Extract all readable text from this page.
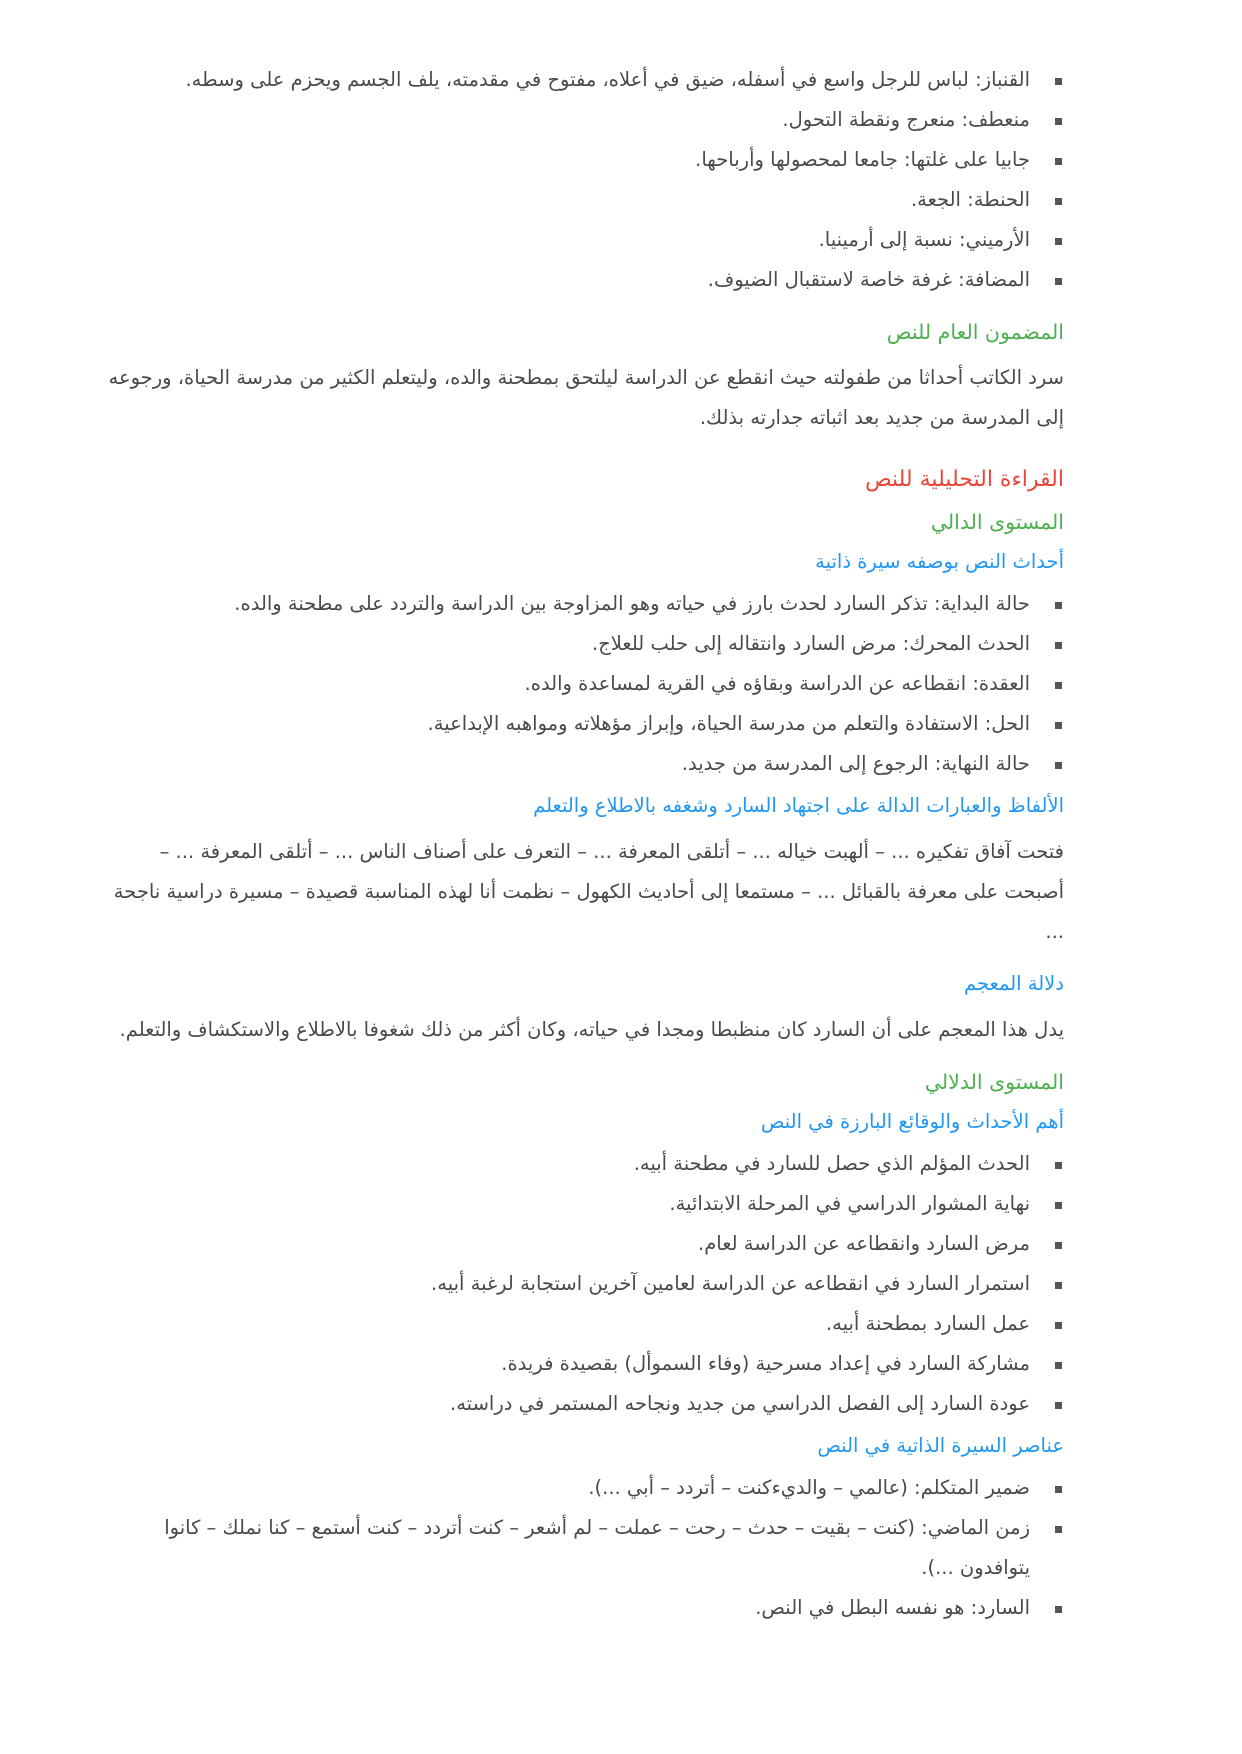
القنباز: لباس للرجل واسع في أسفله، ضيق في أعلاه، مفتوح في مقدمته، يلف الجسم ويحزم على وسطه.
منعطف: منعرج ونقطة التحول.
جابيا على غلتها: جامعا لمحصولها وأرباحها.
الحنطة: الجعة.
الأرميني: نسبة إلى أرمينيا.
المضافة: غرفة خاصة لاستقبال الضيوف.
المضمون العام للنص

سرد الكاتب أحداثا من طفولته حيث انقطع عن الدراسة ليلتحق بمطحنة والده، وليتعلم الكثير من مدرسة الحياة، ورجوعه إلى المدرسة من جديد بعد اثباته جدارته بذلك.

القراءة التحليلية للنص
المستوى الدالي
أحداث النص بوصفه سيرة ذاتية
حالة البداية: تذكر السارد لحدث بارز في حياته وهو المزاوجة بين الدراسة والتردد على مطحنة والده.
الحدث المحرك: مرض السارد وانتقاله إلى حلب للعلاج.
العقدة: انقطاعه عن الدراسة وبقاؤه في القرية لمساعدة والده.
الحل: الاستفادة والتعلم من مدرسة الحياة، وإبراز مؤهلاته ومواهبه الإبداعية.
حالة النهاية: الرجوع إلى المدرسة من جديد.
الألفاظ والعبارات الدالة على اجتهاد السارد وشغفه بالاطلاع والتعلم

فتحت آفاق تفكيره ... – ألهبت خياله ... – أتلقى المعرفة ... – التعرف على أصناف الناس ... – أتلقى المعرفة ... – أصبحت على معرفة بالقبائل ... – مستمعا إلى أحاديث الكهول – نظمت أنا لهذه المناسبة قصيدة – مسيرة دراسية ناجحة ...

دلالة المعجم

يدل هذا المعجم على أن السارد كان منظبطا ومجدا في حياته، وكان أكثر من ذلك شغوفا بالاطلاع والاستكشاف والتعلم.

المستوى الدلالي
أهم الأحداث والوقائع البارزة في النص
الحدث المؤلم الذي حصل للسارد في مطحنة أبيه.
نهاية المشوار الدراسي في المرحلة الابتدائية.
مرض السارد وانقطاعه عن الدراسة لعام.
استمرار السارد في انقطاعه عن الدراسة لعامين آخرين استجابة لرغبة أبيه.
عمل السارد بمطحنة أبيه.
مشاركة السارد في إعداد مسرحية (وفاء السموأل) بقصيدة فريدة.
عودة السارد إلى الفصل الدراسي من جديد ونجاحه المستمر في دراسته.
عناصر السيرة الذاتية في النص
ضمير المتكلم: (عالمي – والديءكنت – أتردد – أبي ...).
زمن الماضي: (كنت – بقيت – حدث – رحت – عملت – لم أشعر – كنت أتردد – كنت أستمع – كنا نملك – كانوا يتوافدون ...).
السارد: هو نفسه البطل في النص.
